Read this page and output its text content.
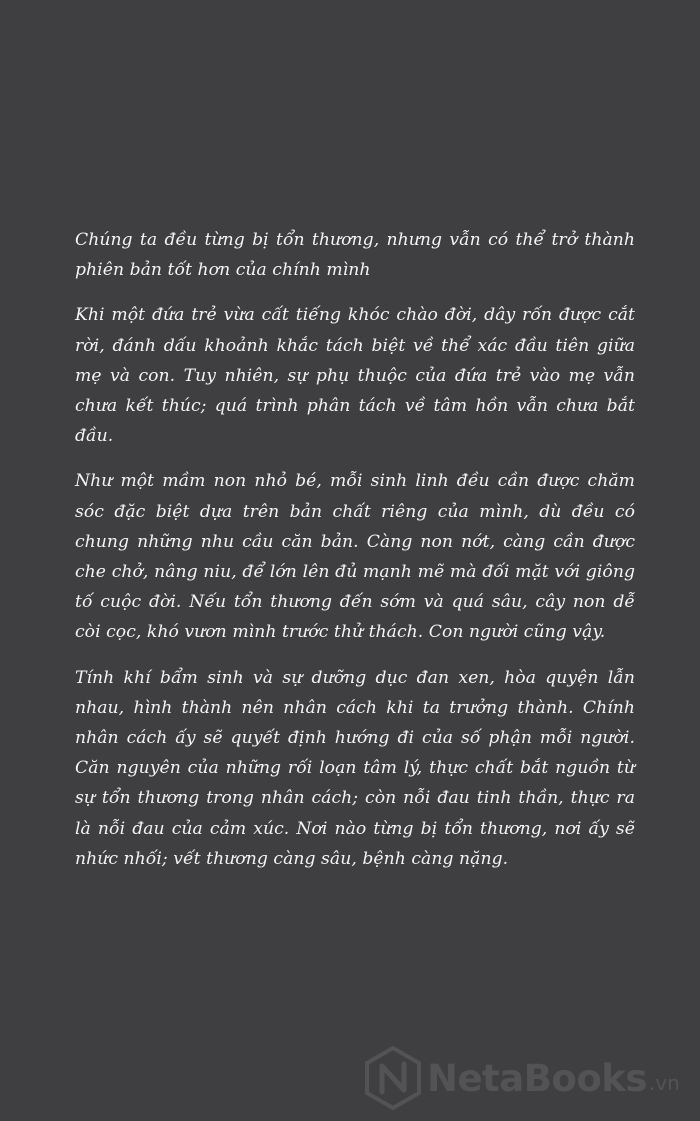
Chúng ta đều từng bị tổn thương, nhưng vẫn có thể trở thành phiên bản tốt hơn của chính mình

Khi một đứa trẻ vừa cất tiếng khóc chào đời, dây rốn được cắt rời, đánh dấu khoảnh khắc tách biệt về thể xác đầu tiên giữa mẹ và con. Tuy nhiên, sự phụ thuộc của đứa trẻ vào mẹ vẫn chưa kết thúc; quá trình phân tách về tâm hồn vẫn chưa bắt đầu.

Như một mầm non nhỏ bé, mỗi sinh linh đều cần được chăm sóc đặc biệt dựa trên bản chất riêng của mình, dù đều có chung những nhu cầu căn bản. Càng non nớt, càng cần được che chở, nâng niu, để lớn lên đủ mạnh mẽ mà đối mặt với giông tố cuộc đời. Nếu tổn thương đến sớm và quá sâu, cây non dễ còi cọc, khó vươn mình trước thử thách. Con người cũng vậy.

Tính khí bẩm sinh và sự dưỡng dục đan xen, hòa quyện lẫn nhau, hình thành nên nhân cách khi ta trưởng thành. Chính nhân cách ấy sẽ quyết định hướng đi của số phận mỗi người. Căn nguyên của những rối loạn tâm lý, thực chất bắt nguồn từ sự tổn thương trong nhân cách; còn nỗi đau tinh thần, thực ra là nỗi đau của cảm xúc. Nơi nào từng bị tổn thương, nơi ấy sẽ nhức nhối; vết thương càng sâu, bệnh càng nặng.

NetaBooks .vn
